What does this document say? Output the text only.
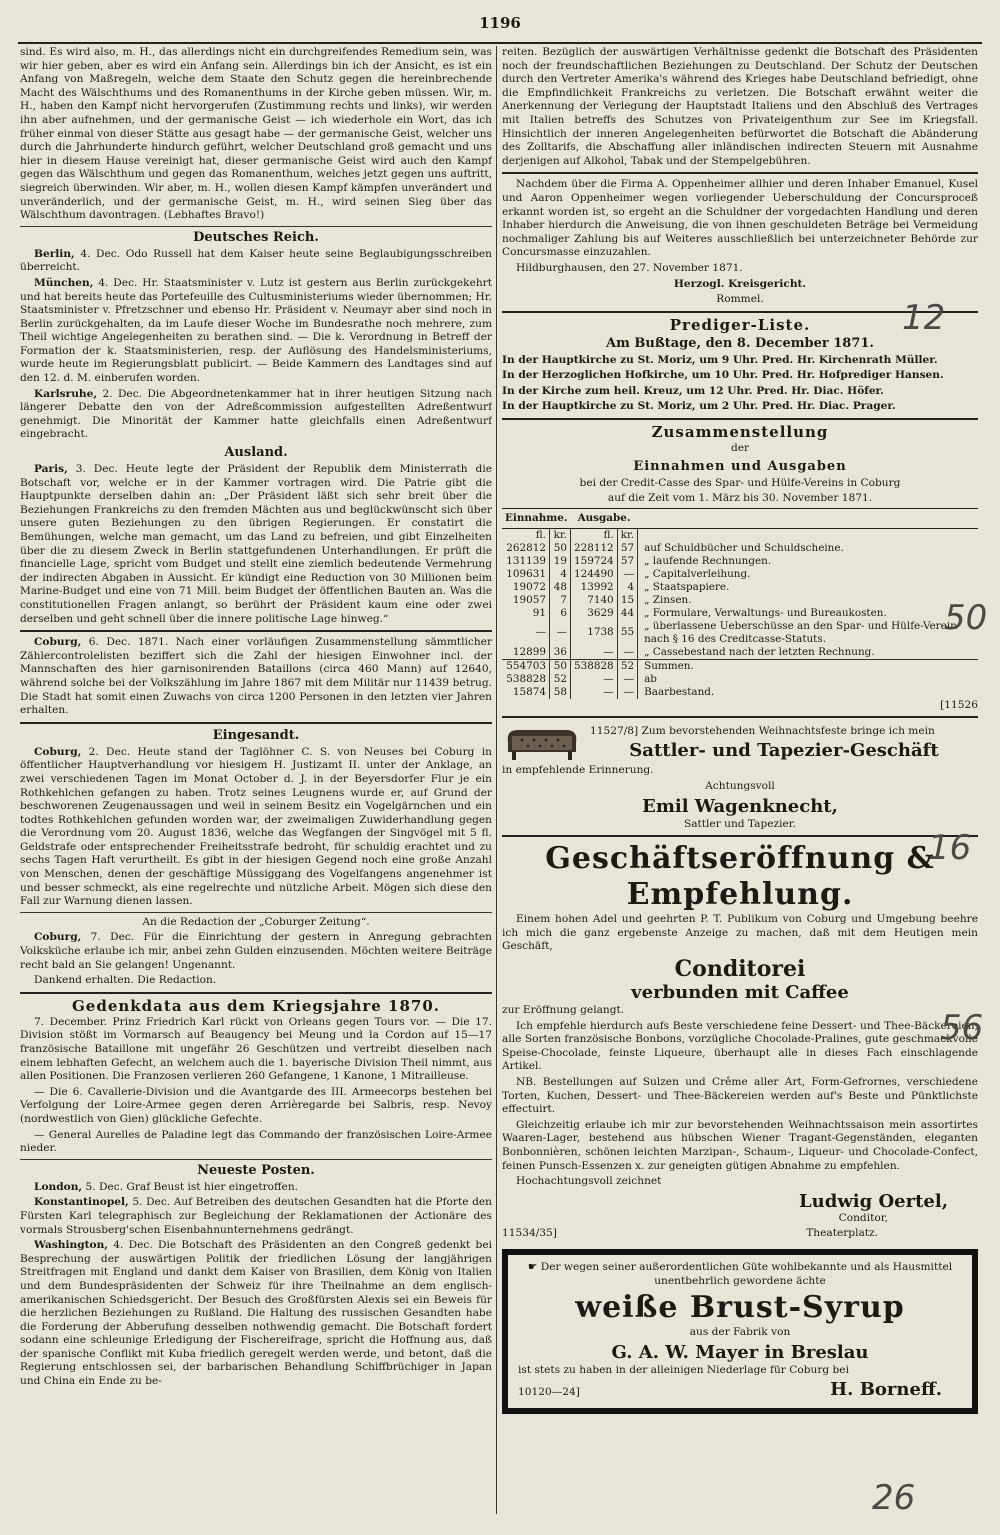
1196

sind. Es wird also, m. H., das allerdings nicht ein durchgreifendes Remedium sein, was wir hier geben, aber es wird ein Anfang sein. Allerdings bin ich der Ansicht, es ist ein Anfang von Maßregeln, welche dem Staate den Schutz gegen die hereinbrechende Macht des Wälschthums und des Romanenthums in der Kirche geben müssen. Wir, m. H., haben den Kampf nicht hervorgerufen (Zustimmung rechts und links), wir werden ihn aber aufnehmen, und der germanische Geist — ich wiederhole ein Wort, das ich früher einmal von dieser Stätte aus gesagt habe — der germanische Geist, welcher uns durch die Jahrhunderte hindurch geführt, welcher Deutschland groß gemacht und uns hier in diesem Hause vereinigt hat, dieser germanische Geist wird auch den Kampf gegen das Wälschthum und gegen das Romanenthum, welches jetzt gegen uns auftritt, siegreich überwinden. Wir aber, m. H., wollen diesen Kampf kämpfen unverändert und unveränderlich, und der germanische Geist, m. H., wird seinen Sieg über das Wälschthum davontragen. (Lebhaftes Bravo!)

Deutsches Reich.

Berlin, 4. Dec. Odo Russell hat dem Kaiser heute seine Beglaubigungsschreiben überreicht.

München, 4. Dec. Hr. Staatsminister v. Lutz ist gestern aus Berlin zurückgekehrt und hat bereits heute das Portefeuille des Cultusministeriums wieder übernommen; Hr. Staatsminister v. Pfretzschner und ebenso Hr. Präsident v. Neumayr aber sind noch in Berlin zurückgehalten, da im Laufe dieser Woche im Bundesrathe noch mehrere, zum Theil wichtige Angelegenheiten zu berathen sind. — Die k. Verordnung in Betreff der Formation der k. Staatsministerien, resp. der Auflösung des Handelsministeriums, wurde heute im Regierungsblatt publicirt. — Beide Kammern des Landtages sind auf den 12. d. M. einberufen worden.

Karlsruhe, 2. Dec. Die Abgeordnetenkammer hat in ihrer heutigen Sitzung nach längerer Debatte den von der Adreßcommission aufgestellten Adreßentwurf genehmigt. Die Minorität der Kammer hatte gleichfalls einen Adreßentwurf eingebracht.

Ausland.

Paris, 3. Dec. Heute legte der Präsident der Republik dem Ministerrath die Botschaft vor, welche er in der Kammer vortragen wird. Die Patrie gibt die Hauptpunkte derselben dahin an: „Der Präsident läßt sich sehr breit über die Beziehungen Frankreichs zu den fremden Mächten aus und beglückwünscht sich über unsere guten Beziehungen zu den übrigen Regierungen. Er constatirt die Bemühungen, welche man gemacht, um das Land zu befreien, und gibt Einzelheiten über die zu diesem Zweck in Berlin stattgefundenen Unterhandlungen. Er prüft die financielle Lage, spricht vom Budget und stellt eine ziemlich bedeutende Vermehrung der indirecten Abgaben in Aussicht. Er kündigt eine Reduction von 30 Millionen beim Marine-Budget und eine von 71 Mill. beim Budget der öffentlichen Bauten an. Was die constitutionellen Fragen anlangt, so berührt der Präsident kaum eine oder zwei derselben und geht schnell über die innere politische Lage hinweg.“

Coburg, 6. Dec. 1871. Nach einer vorläufigen Zusammenstellung sämmtlicher Zählercontrolelisten beziffert sich die Zahl der hiesigen Einwohner incl. der Mannschaften des hier garnisonirenden Bataillons (circa 460 Mann) auf 12640, während solche bei der Volkszählung im Jahre 1867 mit dem Militär nur 11439 betrug. Die Stadt hat somit einen Zuwachs von circa 1200 Personen in den letzten vier Jahren erhalten.

Eingesandt.

Coburg, 2. Dec. Heute stand der Taglöhner C. S. von Neuses bei Coburg in öffentlicher Hauptverhandlung vor hiesigem H. Justizamt II. unter der Anklage, an zwei verschiedenen Tagen im Monat October d. J. in der Beyersdorfer Flur je ein Rothkehlchen gefangen zu haben. Trotz seines Leugnens wurde er, auf Grund der beschworenen Zeugenaussagen und weil in seinem Besitz ein Vogelgärnchen und ein todtes Rothkehlchen gefunden worden war, der zweimaligen Zuwiderhandlung gegen die Verordnung vom 20. August 1836, welche das Wegfangen der Singvögel mit 5 fl. Geldstrafe oder entsprechender Freiheitsstrafe bedroht, für schuldig erachtet und zu sechs Tagen Haft verurtheilt. Es gibt in der hiesigen Gegend noch eine große Anzahl von Menschen, denen der geschäftige Müssiggang des Vogelfangens angenehmer ist und besser schmeckt, als eine regelrechte und nützliche Arbeit. Mögen sich diese den Fall zur Warnung dienen lassen.

An die Redaction der „Coburger Zeitung“.

Coburg, 7. Dec. Für die Einrichtung der gestern in Anregung gebrachten Volksküche erlaube ich mir, anbei zehn Gulden einzusenden. Möchten weitere Beiträge recht bald an Sie gelangen! Ungenannt.

Dankend erhalten. Die Redaction.

Gedenkdata aus dem Kriegsjahre 1870.

7. December. Prinz Friedrich Karl rückt von Orleans gegen Tours vor. — Die 17. Division stößt im Vormarsch auf Beaugency bei Meung und la Cordon auf 15—17 französische Bataillone mit ungefähr 26 Geschützen und vertreibt dieselben nach einem lebhaften Gefecht, an welchem auch die 1. bayerische Division Theil nimmt, aus allen Positionen. Die Franzosen verlieren 260 Gefangene, 1 Kanone, 1 Mitrailleuse.

— Die 6. Cavallerie-Division und die Avantgarde des III. Armeecorps bestehen bei Verfolgung der Loire-Armee gegen deren Arrièregarde bei Salbris, resp. Nevoy (nordwestlich von Gien) glückliche Gefechte.

— General Aurelles de Paladine legt das Commando der französischen Loire-Armee nieder.

Neueste Posten.

London, 5. Dec. Graf Beust ist hier eingetroffen.

Konstantinopel, 5. Dec. Auf Betreiben des deutschen Gesandten hat die Pforte den Fürsten Karl telegraphisch zur Begleichung der Reklamationen der Actionäre des vormals Strousberg'schen Eisenbahnunternehmens gedrängt.

Washington, 4. Dec. Die Botschaft des Präsidenten an den Congreß gedenkt bei Besprechung der auswärtigen Politik der friedlichen Lösung der langjährigen Streitfragen mit England und dankt dem Kaiser von Brasilien, dem König von Italien und dem Bundespräsidenten der Schweiz für ihre Theilnahme an dem englisch-amerikanischen Schiedsgericht. Der Besuch des Großfürsten Alexis sei ein Beweis für die herzlichen Beziehungen zu Rußland. Die Haltung des russischen Gesandten habe die Forderung der Abberufung desselben nothwendig gemacht. Die Botschaft fordert sodann eine schleunige Erledigung der Fischereifrage, spricht die Hoffnung aus, daß der spanische Conflikt mit Kuba friedlich geregelt werden werde, und betont, daß die Regierung entschlossen sei, der barbarischen Behandlung Schiffbrüchiger in Japan und China ein Ende zu be-

reiten. Bezüglich der auswärtigen Verhältnisse gedenkt die Botschaft des Präsidenten noch der freundschaftlichen Beziehungen zu Deutschland. Der Schutz der Deutschen durch den Vertreter Amerika's während des Krieges habe Deutschland befriedigt, ohne die Empfindlichkeit Frankreichs zu verletzen. Die Botschaft erwähnt weiter die Anerkennung der Verlegung der Hauptstadt Italiens und den Abschluß des Vertrages mit Italien betreffs des Schutzes von Privateigenthum zur See im Kriegsfall. Hinsichtlich der inneren Angelegenheiten befürwortet die Botschaft die Abänderung des Zolltarifs, die Abschaffung aller inländischen indirecten Steuern mit Ausnahme derjenigen auf Alkohol, Tabak und der Stempelgebühren.

Nachdem über die Firma A. Oppenheimer allhier und deren Inhaber Emanuel, Kusel und Aaron Oppenheimer wegen vorliegender Ueberschuldung der Concursproceß erkannt worden ist, so ergeht an die Schuldner der vorgedachten Handlung und deren Inhaber hierdurch die Anweisung, die von ihnen geschuldeten Beträge bei Vermeidung nochmaliger Zahlung bis auf Weiteres ausschließlich bei unterzeichneter Behörde zur Concursmasse einzuzahlen.

Hildburghausen, den 27. November 1871.

Herzogl. Kreisgericht.

Rommel.

Prediger-Liste.
Am Bußtage, den 8. December 1871.

In der Hauptkirche zu St. Moriz, um 9 Uhr. Pred. Hr. Kirchenrath Müller.

In der Herzoglichen Hofkirche, um 10 Uhr. Pred. Hr. Hofprediger Hansen.

In der Kirche zum heil. Kreuz, um 12 Uhr. Pred. Hr. Diac. Höfer.

In der Hauptkirche zu St. Moriz, um 2 Uhr. Pred. Hr. Diac. Prager.

Zusammenstellung

der

Einnahmen und Ausgaben

bei der Credit-Casse des Spar- und Hülfe-Vereins in Coburg

auf die Zeit vom 1. März bis 30. November 1871.

Einnahme.		Ausgabe.		
fl.	kr.	fl.	kr.	
262812	50	228112	57	auf Schuldbücher und Schuldscheine.
131139	19	159724	57	„ laufende Rechnungen.
109631	4	124490	—	„ Capitalverleihung.
19072	48	13992	4	„ Staatspapiere.
19057	7	7140	15	„ Zinsen.
91	6	3629	44	„ Formulare, Verwaltungs- und Bureaukosten.
—	—	1738	55	„ überlassene Ueberschüsse an den Spar- und Hülfe-Verein nach § 16 des Creditcasse-Statuts.
12899	36	—	—	„ Cassebestand nach der letzten Rechnung.
554703	50	538828	52	Summen.
538828	52	—	—	ab
15874	58	—	—	Baarbestand.

[11526

11527/8] Zum bevorstehenden Weihnachtsfeste bringe ich mein

Sattler- und Tapezier-Geschäft

in empfehlende Erinnerung.

Achtungsvoll

Emil Wagenknecht,

Sattler und Tapezier.

Geschäftseröffnung & Empfehlung.

Einem hohen Adel und geehrten P. T. Publikum von Coburg und Umgebung beehre ich mich die ganz ergebenste Anzeige zu machen, daß mit dem Heutigen mein Geschäft,

Conditorei
verbunden mit Caffee

zur Eröffnung gelangt.

Ich empfehle hierdurch aufs Beste verschiedene feine Dessert- und Thee-Bäckereien, alle Sorten französische Bonbons, vorzügliche Chocolade-Pralines, gute geschmackvolle Speise-Chocolade, feinste Liqueure, überhaupt alle in dieses Fach einschlagende Artikel.

NB. Bestellungen auf Sulzen und Crême aller Art, Form-Gefrornes, verschiedene Torten, Kuchen, Dessert- und Thee-Bäckereien werden auf's Beste und Pünktlichste effectuirt.

Gleichzeitig erlaube ich mir zur bevorstehenden Weihnachtssaison mein assortirtes Waaren-Lager, bestehend aus hübschen Wiener Tragant-Gegenständen, eleganten Bonbonnièren, schönen leichten Marzipan-, Schaum-, Liqueur- und Chocolade-Confect, feinen Punsch-Essenzen x. zur geneigten gütigen Abnahme zu empfehlen.

Hochachtungsvoll zeichnet

Ludwig Oertel,

Conditor,

11534/35]	Theaterplatz.

☛ Der wegen seiner außerordentlichen Güte wohlbekannte und als Hausmittel unentbehrlich gewordene ächte

weiße Brust-Syrup

aus der Fabrik von

G. A. W. Mayer in Breslau

ist stets zu haben in der alleinigen Niederlage für Coburg bei

10120—24]	H. Borneff.
12
50
16
56
26
